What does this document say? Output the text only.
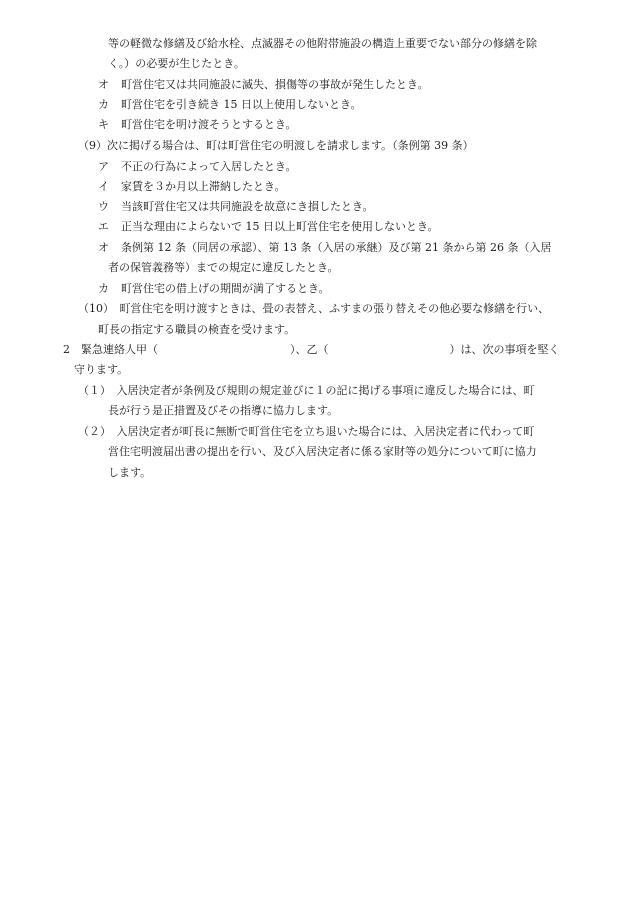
等の軽微な修繕及び給水栓、点滅器その他附帯施設の構造上重要でない部分の修繕を除
く。）の必要が生じたとき。
オ 町営住宅又は共同施設に滅失、損傷等の事故が発生したとき。
カ 町営住宅を引き続き 15 日以上使用しないとき。
キ 町営住宅を明け渡そうとするとき。
（9）次に掲げる場合は、町は町営住宅の明渡しを請求します。（条例第 39 条）
ア 不正の行為によって入居したとき。
イ 家賃を３か月以上滞納したとき。
ウ 当該町営住宅又は共同施設を故意にき損したとき。
エ 正当な理由によらないで 15 日以上町営住宅を使用しないとき。
オ 条例第 12 条（同居の承認）、第 13 条（入居の承継）及び第 21 条から第 26 条（入居
者の保管義務等）までの規定に違反したとき。
カ 町営住宅の借上げの期間が満了するとき。
（10）　町営住宅を明け渡すときは、畳の表替え、ふすまの張り替えその他必要な修繕を行い、
町長の指定する職員の検査を受けます。
2　緊急連絡人甲（　　　　　　　　　　　　）、乙（　　　　　　　　　　　）は、次の事項を堅く
守ります。
（１）　入居決定者が条例及び規則の規定並びに１の記に掲げる事項に違反した場合には、町
長が行う是正措置及びその指導に協力します。
（２）　入居決定者が町長に無断で町営住宅を立ち退いた場合には、入居決定者に代わって町
営住宅明渡届出書の提出を行い、及び入居決定者に係る家財等の処分について町に協力
します。
